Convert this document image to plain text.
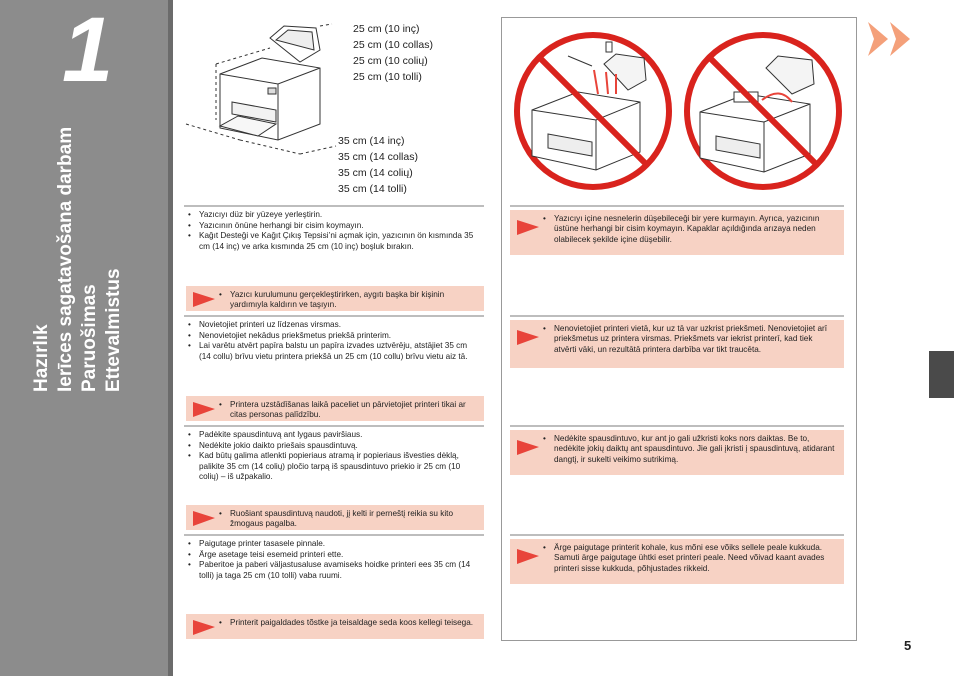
1
Hazırlık Ierīces sagatavošana darbam Paruošimas Ettevalmistus
25 cm (10 inç)
25 cm (10 collas)
25 cm (10 colių)
25 cm (10 tolli)
35 cm (14 inç)
35 cm (14 collas)
35 cm (14 colių)
35 cm (14 tolli)
• Yazıcıyı düz bir yüzeye yerleştirin.
• Yazıcının önüne herhangi bir cisim koymayın.
• Kağıt Desteği ve Kağıt Çıkış Tepsisi’ni açmak için, yazıcının ön kısmında 35 cm (14 inç) ve arka kısmında 25 cm (10 inç) boşluk bırakın.
• Yazıcı kurulumunu gerçekleştirirken, aygıtı başka bir kişinin yardımıyla kaldırın ve taşıyın.
• Yazıcıyı içine nesnelerin düşebileceği bir yere kurmayın. Ayrıca, yazıcının üstüne herhangi bir cisim koymayın. Kapaklar açıldığında arızaya neden olabilecek şekilde içine düşebilir.
• Novietojiet printeri uz līdzenas virsmas.
• Nenovietojiet nekādus priekšmetus priekšā printerim.
• Lai varētu atvērt papīra balstu un papīra izvades uztvērēju, atstājiet 35 cm (14 collu) brīvu vietu printera priekšā un 25 cm (10 collu) brīvu vietu aiz tā.
• Printera uzstādīšanas laikā paceliet un pārvietojiet printeri tikai ar citas personas palīdzību.
• Nenovietojiet printeri vietā, kur uz tā var uzkrist priekšmeti. Nenovietojiet arī priekšmetus uz printera virsmas. Priekšmets var iekrist printerī, kad tiek atvērti vāki, un rezultātā printera darbība var tikt traucēta.
• Padėkite spausdintuvą ant lygaus paviršiaus.
• Nedėkite jokio daikto priešais spausdintuvą.
• Kad būtų galima atlenkti popieriaus atramą ir popieriaus išvesties dėklą, palikite 35 cm (14 colių) pločio tarpą iš spausdintuvo priekio ir 25 cm (10 colių) – iš užpakalio.
• Ruošiant spausdintuvą naudoti, jį kelti ir perneštį reikia su kito žmogaus pagalba.
• Nedėkite spausdintuvo, kur ant jo gali užkristi koks nors daiktas. Be to, nedėkite jokių daiktų ant spausdintuvo. Jie gali įkristi į spausdintuvą, atidarant dangtį, ir sukelti veikimo sutrikimą.
• Paigutage printer tasasele pinnale.
• Ärge asetage teisi esemeid printeri ette.
• Paberitoe ja paberi väljastusaluse avamiseks hoidke printeri ees 35 cm (14 tolli) ja taga 25 cm (10 tolli) vaba ruumi.
• Printerit paigaldades tõstke ja teisaldage seda koos kellegi teisega.
• Ärge paigutage printerit kohale, kus mõni ese võiks sellele peale kukkuda. Samuti ärge paigutage ühtki eset printeri peale. Need võivad kaant avades printeri sisse kukkuda, põhjustades rikkeid.
5
